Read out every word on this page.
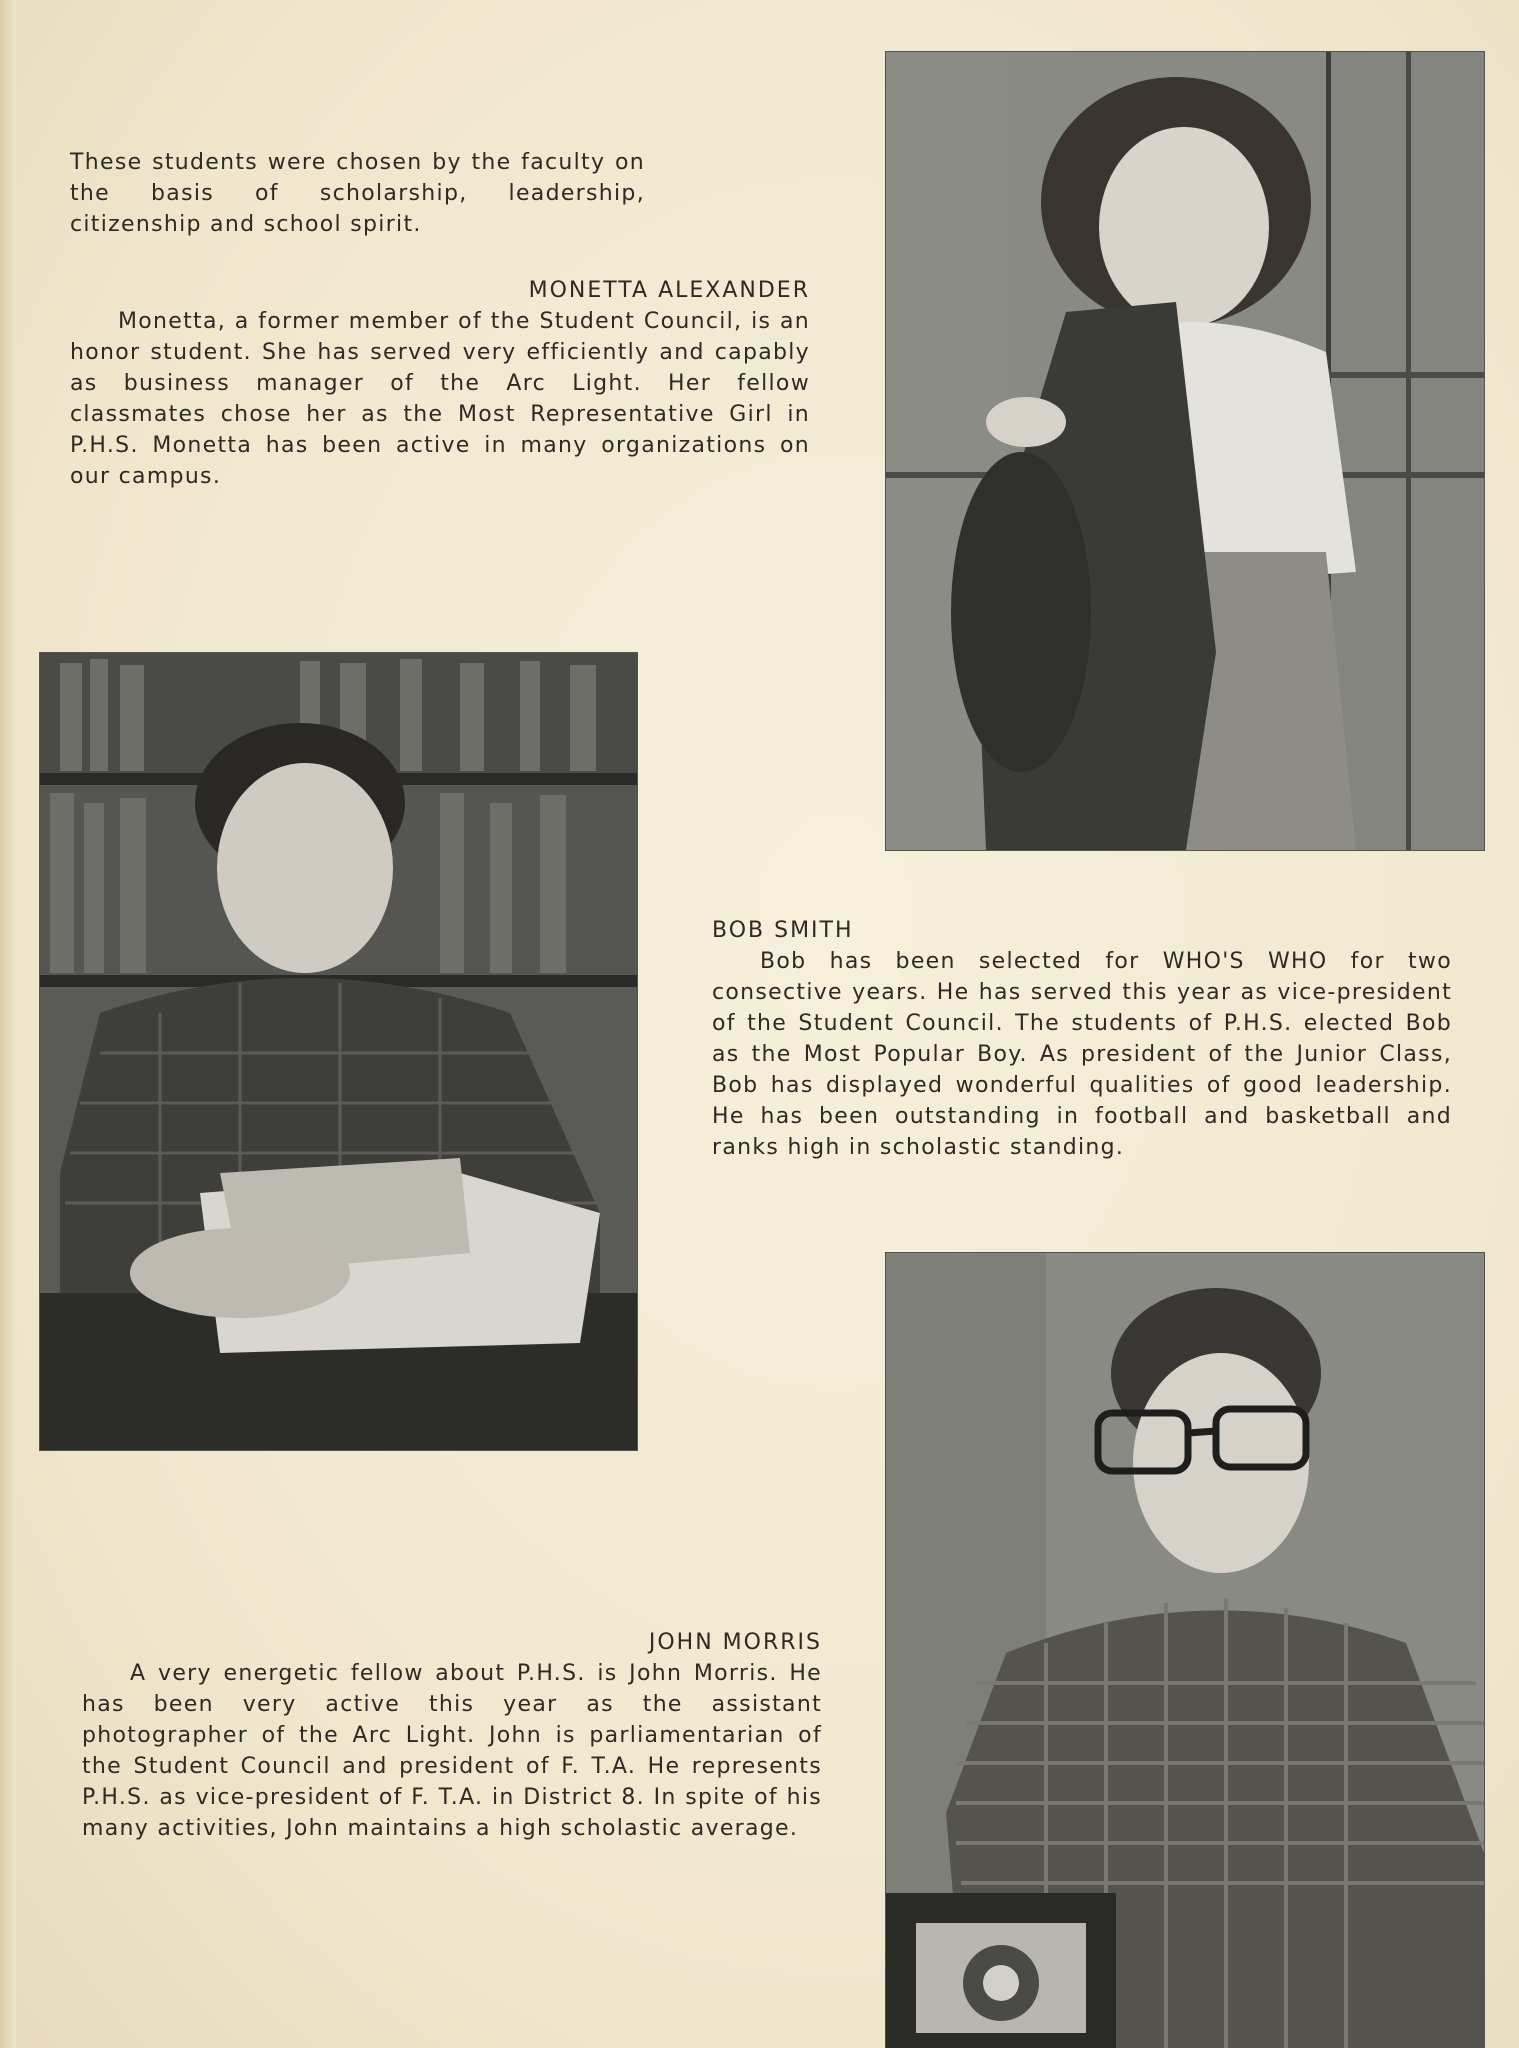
These students were chosen by the faculty on the basis of scholarship, leadership, citizenship and school spirit.

MONETTA ALEXANDER

Monetta, a former member of the Student Council, is an honor student. She has served very efficiently and capably as business manager of the Arc Light. Her fellow classmates chose her as the Most Representative Girl in P.H.S. Monetta has been active in many organizations on our campus.

BOB SMITH

Bob has been selected for WHO'S WHO for two consective years. He has served this year as vice-president of the Student Council. The students of P.H.S. elected Bob as the Most Popular Boy. As president of the Junior Class, Bob has displayed wonderful qualities of good leadership. He has been outstanding in football and basketball and ranks high in scholastic standing.

JOHN MORRIS

A very energetic fellow about P.H.S. is John Morris. He has been very active this year as the assistant photographer of the Arc Light. John is parliamentarian of the Student Council and president of F. T.A. He represents P.H.S. as vice-president of F. T.A. in District 8. In spite of his many activities, John maintains a high scholastic average.
